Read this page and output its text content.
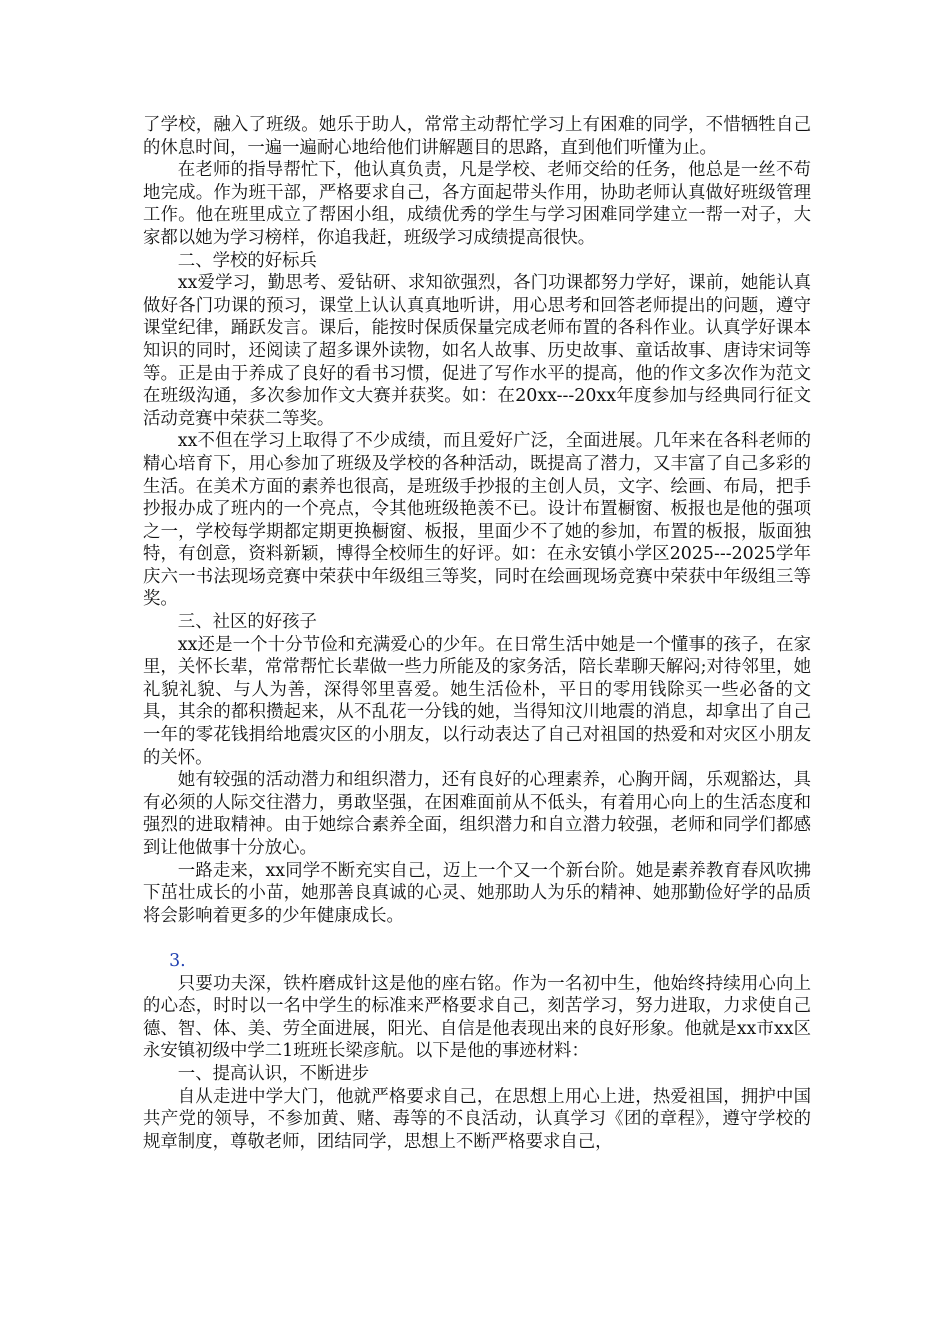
了学校，融入了班级。她乐于助人，常常主动帮忙学习上有困难的同学，不惜牺牲自己的休息时间，一遍一遍耐心地给他们讲解题目的思路，直到他们听懂为止。

在老师的指导帮忙下，他认真负责，凡是学校、老师交给的任务，他总是一丝不苟地完成。作为班干部，严格要求自己，各方面起带头作用，协助老师认真做好班级管理工作。他在班里成立了帮困小组，成绩优秀的学生与学习困难同学建立一帮一对子，大家都以她为学习榜样，你追我赶，班级学习成绩提高很快。

二、学校的好标兵

xx爱学习，勤思考、爱钻研、求知欲强烈，各门功课都努力学好，课前，她能认真做好各门功课的预习，课堂上认认真真地听讲，用心思考和回答老师提出的问题，遵守课堂纪律，踊跃发言。课后，能按时保质保量完成老师布置的各科作业。认真学好课本知识的同时，还阅读了超多课外读物，如名人故事、历史故事、童话故事、唐诗宋词等等。正是由于养成了良好的看书习惯，促进了写作水平的提高，他的作文多次作为范文在班级沟通，多次参加作文大赛并获奖。如：在20xx---20xx年度参加与经典同行征文活动竞赛中荣获二等奖。

xx不但在学习上取得了不少成绩，而且爱好广泛，全面进展。几年来在各科老师的精心培育下，用心参加了班级及学校的各种活动，既提高了潜力，又丰富了自己多彩的生活。在美术方面的素养也很高，是班级手抄报的主创人员，文字、绘画、布局，把手抄报办成了班内的一个亮点，令其他班级艳羡不已。设计布置橱窗、板报也是他的强项之一，学校每学期都定期更换橱窗、板报，里面少不了她的参加，布置的板报，版面独特，有创意，资料新颖，博得全校师生的好评。如：在永安镇小学区2025---2025学年庆六一书法现场竞赛中荣获中年级组三等奖，同时在绘画现场竞赛中荣获中年级组三等奖。

三、社区的好孩子

xx还是一个十分节俭和充满爱心的少年。在日常生活中她是一个懂事的孩子，在家里，关怀长辈，常常帮忙长辈做一些力所能及的家务活，陪长辈聊天解闷;对待邻里，她礼貌礼貌、与人为善，深得邻里喜爱。她生活俭朴，平日的零用钱除买一些必备的文具，其余的都积攒起来，从不乱花一分钱的她，当得知汶川地震的消息，却拿出了自己一年的零花钱捐给地震灾区的小朋友，以行动表达了自己对祖国的热爱和对灾区小朋友的关怀。

她有较强的活动潜力和组织潜力，还有良好的心理素养，心胸开阔，乐观豁达，具有必须的人际交往潜力，勇敢坚强，在困难面前从不低头，有着用心向上的生活态度和强烈的进取精神。由于她综合素养全面，组织潜力和自立潜力较强，老师和同学们都感到让他做事十分放心。

一路走来，xx同学不断充实自己，迈上一个又一个新台阶。她是素养教育春风吹拂下茁壮成长的小苗，她那善良真诚的心灵、她那助人为乐的精神、她那勤俭好学的品质将会影响着更多的少年健康成长。

3.

只要功夫深，铁杵磨成针这是他的座右铭。作为一名初中生，他始终持续用心向上的心态，时时以一名中学生的标准来严格要求自己，刻苦学习，努力进取，力求使自己德、智、体、美、劳全面进展，阳光、自信是他表现出来的良好形象。他就是xx市xx区永安镇初级中学二1班班长梁彦航。以下是他的事迹材料：

一、提高认识，不断进步

自从走进中学大门，他就严格要求自己，在思想上用心上进，热爱祖国，拥护中国共产党的领导，不参加黄、赌、毒等的不良活动，认真学习《团的章程》，遵守学校的规章制度，尊敬老师，团结同学，思想上不断严格要求自己，
